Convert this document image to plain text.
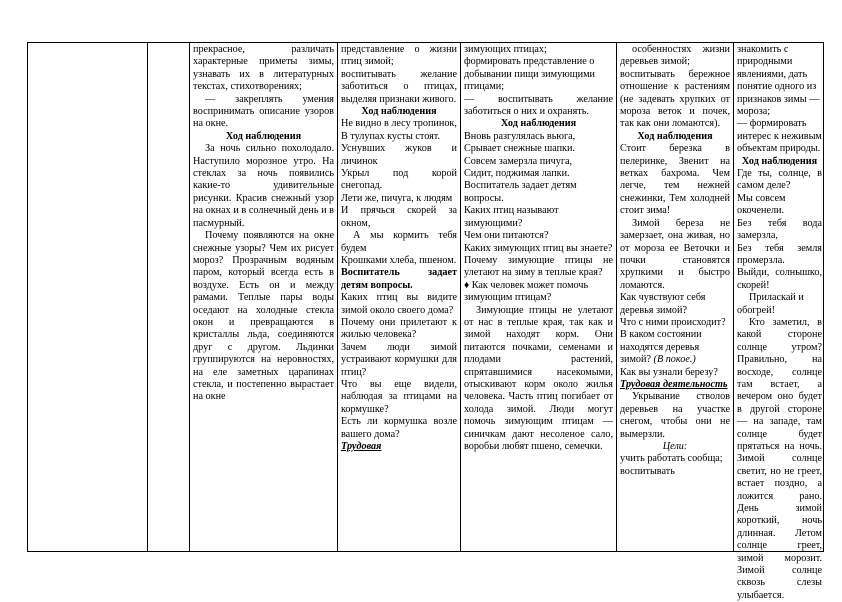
прекрасное, различать характерные приметы зимы, узнавать их в литературных текстах, стихотворениях;

— закреплять умения воспринимать описание узоров на окне.

Ход наблюдения

За ночь сильно похолодало. Наступило морозное утро. На стеклах за ночь появились какие-то удивительные рисунки. Красив снежный узор на окнах и в солнечный день и в пасмурный.

Почему появляются на окне снежные узоры? Чем их рисует мороз? Прозрачным водяным паром, который всегда есть в воздухе. Есть он и между рамами. Теплые пары воды оседают на холодные стекла окон и превращаются в кристаллы льда, соединяются друг с другом. Льдинки группируются на неровностях, на еле заметных царапинах стекла, и постепенно вырастает на окне

представление о жизни птиц зимой;

воспитывать желание заботиться о птицах, выделяя признаки живого.

Ход наблюдения

Не видно в лесу тропинок,

В тулупах кусты стоят.

Уснувших жуков и личинок

Укрыл под корой снегопад.

Лети же, пичуга, к людям

И прячься скорей за окном,

А мы кормить тебя будем

Крошками хлеба, пшеном.

Воспитатель задает детям вопросы.

Каких птиц вы видите зимой около своего дома?

Почему они прилетают к жилью человека?

Зачем люди зимой устраивают кормушки для птиц?

Что вы еще видели, наблюдая за птицами на кормушке?

Есть ли кормушка возле вашего дома?

Трудовая

зимующих птицах;

формировать представление о добывании пищи зимующими птицами;

— воспитывать желание заботиться о них и охранять.

Ход наблюдения

Вновь разгулялась вьюга,

Срывает снежные шапки.

Совсем замерзла пичуга,

Сидит, поджимая лапки.

Воспитатель задает детям вопросы.

Каких птиц называют зимующими?

Чем они питаются?

Каких зимующих птиц вы знаете?

Почему зимующие птицы не улетают на зиму в теплые края?

♦ Как человек может помочь зимующим птицам?

Зимующие птицы не улетают от нас в теплые края, так как и зимой находят корм. Они питаются почками, семенами и плодами растений, спрятавшимися насекомыми, отыскивают корм около жилья человека. Часть птиц погибает от холода зимой. Люди могут помочь зимующим птицам — синичкам дают несоленое сало, воробьи любят пшено, семечки.

особенностях жизни деревьев зимой;

воспитывать бережное отношение к растениям (не задевать хрупких от мороза веток и почек, так как они ломаются).

Ход наблюдения

Стоит березка в пелеринке, Звенит на ветках бахрома. Чем легче, тем нежней снежинки, Тем холодней стоит зима!

Зимой береза не замерзает, она живая, но от мороза ее Веточки и почки становятся хрупкими и быстро ломаются.

Как чувствуют себя деревья зимой?

Что с ними происходит?

В каком состоянии находятся деревья зимой? (В покое.)

Как вы узнали березу?

Трудовая деятельность

Укрывание стволов деревьев на участке снегом, чтобы они не вымерзли.

Цели:

учить работать сообща; воспитывать

знакомить с природными явлениями, дать понятие одного из признаков зимы — мороза;

— формировать интерес к неживым объектам природы.

Ход наблюдения

Где ты, солнце, в самом деле?

Мы совсем окоченели.

Без тебя вода замерзла,

Без тебя земля промерзла.

Выйди, солнышко, скорей!

Приласкай и обогрей!

Кто заметил, в какой стороне солнце утром? Правильно, на восходе, солнце там встает, а вечером оно будет в другой стороне — на западе, там солнце будет прятаться на ночь. Зимой солнце светит, но не греет, встает поздно, а ложится рано. День зимой короткий, ночь длинная. Летом солнце греет, зимой морозит. Зимой солнце сквозь слезы улыбается.
